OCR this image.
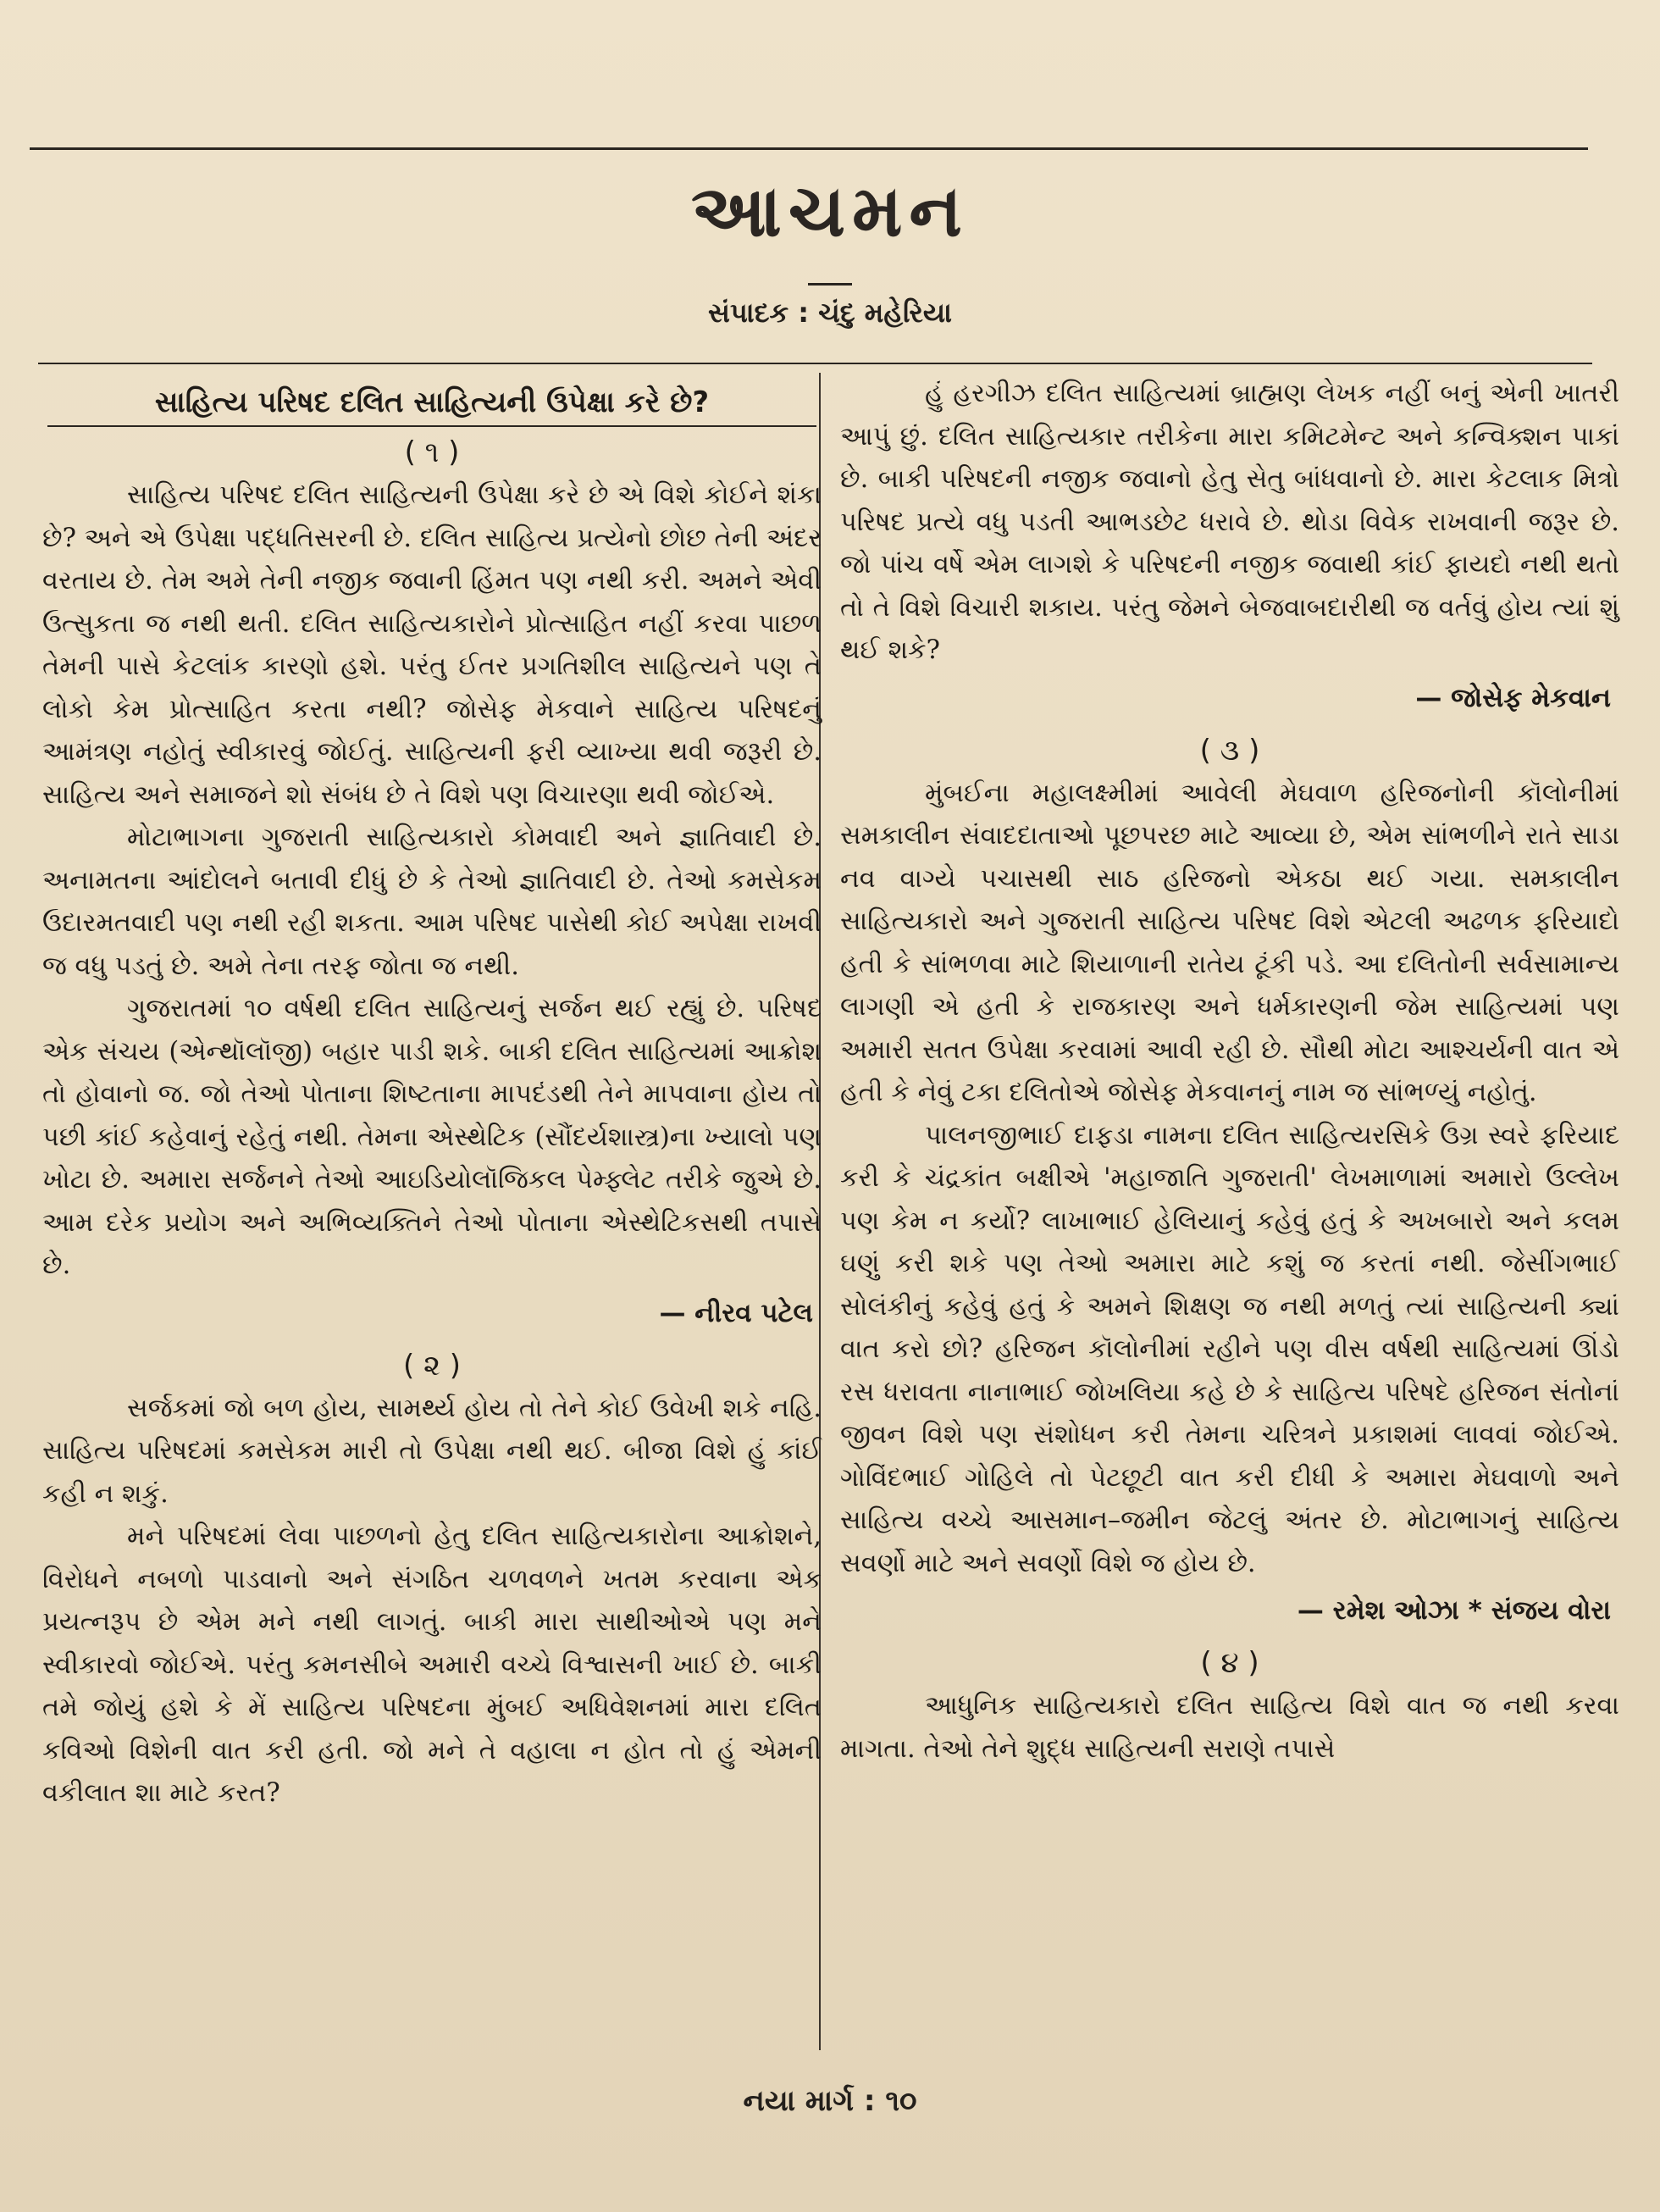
આચમન
સંપાદક : ચંદુ મહેરિયા
સાહિત્ય પરિષદ દલિત સાહિત્યની ઉપેક્ષા કરે છે?
( ૧ )

સાહિત્ય પરિષદ દલિત સાહિત્યની ઉપેક્ષા કરે છે એ વિશે કોઈને શંકા છે? અને એ ઉપેક્ષા પદ્ધતિસરની છે. દલિત સાહિત્ય પ્રત્યેનો છોછ તેની અંદર વરતાય છે. તેમ અમે તેની નજીક જવાની હિંમત પણ નથી કરી. અમને એવી ઉત્સુકતા જ નથી થતી. દલિત સાહિત્યકારોને પ્રોત્સાહિત નહીં કરવા પાછળ તેમની પાસે કેટલાંક કારણો હશે. પરંતુ ઈતર પ્રગતિશીલ સાહિત્યને પણ તે લોકો કેમ પ્રોત્સાહિત કરતા નથી? જોસેફ મેકવાને સાહિત્ય પરિષદનું આમંત્રણ નહોતું સ્વીકારવું જોઈતું. સાહિત્યની ફરી વ્યાખ્યા થવી જરૂરી છે. સાહિત્ય અને સમાજને શો સંબંધ છે તે વિશે પણ વિચારણા થવી જોઈએ.

મોટાભાગના ગુજરાતી સાહિત્યકારો કોમવાદી અને જ્ઞાતિવાદી છે. અનામતના આંદોલને બતાવી દીધું છે કે તેઓ જ્ઞાતિવાદી છે. તેઓ કમસેકમ ઉદારમતવાદી પણ નથી રહી શકતા. આમ પરિષદ પાસેથી કોઈ અપેક્ષા રાખવી જ વધુ પડતું છે. અમે તેના તરફ જોતા જ નથી.

ગુજરાતમાં ૧૦ વર્ષથી દલિત સાહિત્યનું સર્જન થઈ રહ્યું છે. પરિષદ એક સંચય (એન્થૉલૉજી) બહાર પાડી શકે. બાકી દલિત સાહિત્યમાં આક્રોશ તો હોવાનો જ. જો તેઓ પોતાના શિષ્ટતાના માપદંડથી તેને માપવાના હોય તો પછી કાંઈ કહેવાનું રહેતું નથી. તેમના એસ્થેટિક (સૌંદર્યશાસ્ત્ર)ના ખ્યાલો પણ ખોટા છે. અમારા સર્જનને તેઓ આઇડિયોલૉજિકલ પેમ્ફ્લેટ તરીકે જુએ છે. આમ દરેક પ્રયોગ અને અભિવ્યક્તિને તેઓ પોતાના એસ્થેટિકસથી તપાસે છે.

— નીરવ પટેલ
( ૨ )

સર્જકમાં જો બળ હોય, સામર્થ્ય હોય તો તેને કોઈ ઉવેખી શકે નહિ. સાહિત્ય પરિષદમાં કમસેકમ મારી તો ઉપેક્ષા નથી થઈ. બીજા વિશે હું કાંઈ કહી ન શકું.

મને પરિષદમાં લેવા પાછળનો હેતુ દલિત સાહિત્યકારોના આક્રોશને, વિરોધને નબળો પાડવાનો અને સંગઠિત ચળવળને ખતમ કરવાના એક પ્રયત્નરૂપ છે એમ મને નથી લાગતું. બાકી મારા સાથીઓએ પણ મને સ્વીકારવો જોઈએ. પરંતુ કમનસીબે અમારી વચ્ચે વિશ્વાસની ખાઈ છે. બાકી તમે જોયું હશે કે મેં સાહિત્ય પરિષદના મુંબઈ અધિવેશનમાં મારા દલિત કવિઓ વિશેની વાત કરી હતી. જો મને તે વહાલા ન હોત તો હું એમની વકીલાત શા માટે કરત?

હું હરગીઝ દલિત સાહિત્યમાં બ્રાહ્મણ લેખક નહીં બનું એની ખાતરી આપું છું. દલિત સાહિત્યકાર તરીકેના મારા કમિટમેન્ટ અને કન્વિક્શન પાકાં છે. બાકી પરિષદની નજીક જવાનો હેતુ સેતુ બાંધવાનો છે. મારા કેટલાક મિત્રો પરિષદ પ્રત્યે વધુ પડતી આભડછેટ ધરાવે છે. થોડા વિવેક રાખવાની જરૂર છે. જો પાંચ વર્ષે એમ લાગશે કે પરિષદની નજીક જવાથી કાંઈ ફાયદો નથી થતો તો તે વિશે વિચારી શકાય. પરંતુ જેમને બેજવાબદારીથી જ વર્તવું હોય ત્યાં શું થઈ શકે?

— જોસેફ મેકવાન
( ૩ )

મુંબઈના મહાલક્ષ્મીમાં આવેલી મેઘવાળ હરિજનોની કૉલોનીમાં સમકાલીન સંવાદદાતાઓ પૂછપરછ માટે આવ્યા છે, એમ સાંભળીને રાતે સાડા નવ વાગ્યે પચાસથી સાઠ હરિજનો એકઠા થઈ ગયા. સમકાલીન સાહિત્યકારો અને ગુજરાતી સાહિત્ય પરિષદ વિશે એટલી અઢળક ફરિયાદો હતી કે સાંભળવા માટે શિયાળાની રાતેય ટૂંકી પડે. આ દલિતોની સર્વસામાન્ય લાગણી એ હતી કે રાજકારણ અને ધર્મકારણની જેમ સાહિત્યમાં પણ અમારી સતત ઉપેક્ષા કરવામાં આવી રહી છે. સૌથી મોટા આશ્ચર્યની વાત એ હતી કે નેવું ટકા દલિતોએ જોસેફ મેકવાનનું નામ જ સાંભળ્યું નહોતું.

પાલનજીભાઈ દાફડા નામના દલિત સાહિત્યરસિકે ઉગ્ર સ્વરે ફરિયાદ કરી કે ચંદ્રકાંત બક્ષીએ 'મહાજાતિ ગુજરાતી' લેખમાળામાં અમારો ઉલ્લેખ પણ કેમ ન કર્યો? લાખાભાઈ હેલિયાનું કહેવું હતું કે અખબારો અને કલમ ઘણું કરી શકે પણ તેઓ અમારા માટે કશું જ કરતાં નથી. જેસીંગભાઈ સોલંકીનું કહેવું હતું કે અમને શિક્ષણ જ નથી મળતું ત્યાં સાહિત્યની ક્યાં વાત કરો છો? હરિજન કૉલોનીમાં રહીને પણ વીસ વર્ષથી સાહિત્યમાં ઊંડો રસ ધરાવતા નાનાભાઈ જોખલિયા કહે છે કે સાહિત્ય પરિષદે હરિજન સંતોનાં જીવન વિશે પણ સંશોધન કરી તેમના ચરિત્રને પ્રકાશમાં લાવવાં જોઈએ. ગોવિંદભાઈ ગોહિલે તો પેટછૂટી વાત કરી દીધી કે અમારા મેઘવાળો અને સાહિત્ય વચ્ચે આસમાન–જમીન જેટલું અંતર છે. મોટાભાગનું સાહિત્ય સવર્ણો માટે અને સવર્ણો વિશે જ હોય છે.

— રમેશ ઓઝા * સંજય વોરા
( ૪ )

આધુનિક સાહિત્યકારો દલિત સાહિત્ય વિશે વાત જ નથી કરવા માગતા. તેઓ તેને શુદ્ધ સાહિત્યની સરાણે તપાસે

નયા માર્ગ : ૧૦
